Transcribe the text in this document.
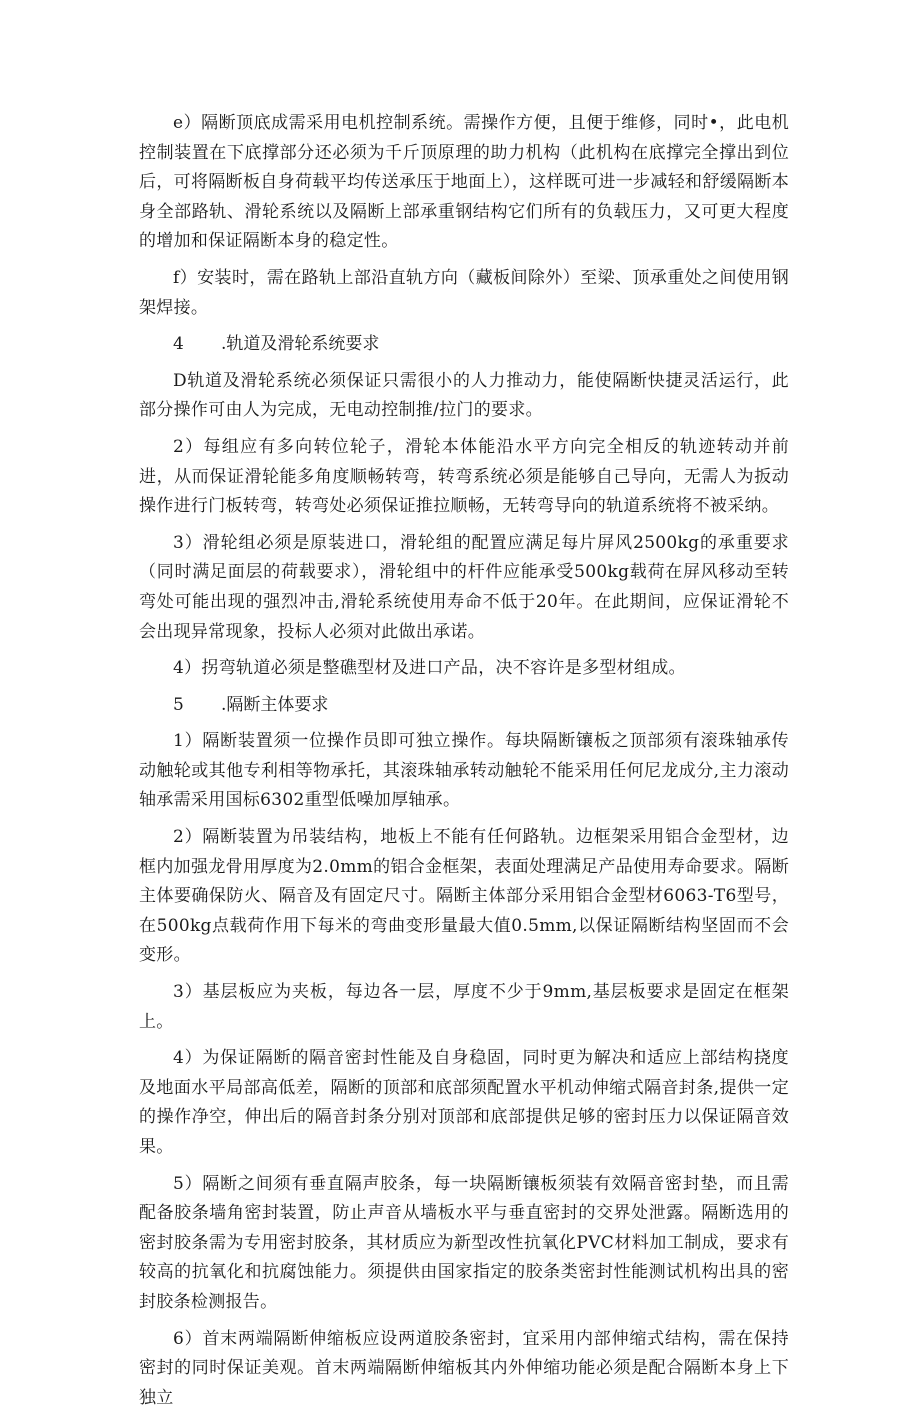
e）隔断顶底成需采用电机控制系统。需操作方便，且便于维修，同时•，此电机控制装置在下底撑部分还必须为千斤顶原理的助力机构（此机构在底撑完全撑出到位后，可将隔断板自身荷载平均传送承压于地面上），这样既可进一步减轻和舒缓隔断本身全部路轨、滑轮系统以及隔断上部承重钢结构它们所有的负载压力，又可更大程度的增加和保证隔断本身的稳定性。

f）安装时，需在路轨上部沿直轨方向（藏板间除外）至梁、顶承重处之间使用钢架焊接。

4 .轨道及滑轮系统要求

D轨道及滑轮系统必须保证只需很小的人力推动力，能使隔断快捷灵活运行，此部分操作可由人为完成，无电动控制推/拉门的要求。

2）每组应有多向转位轮子，滑轮本体能沿水平方向完全相反的轨迹转动并前进，从而保证滑轮能多角度顺畅转弯，转弯系统必须是能够自己导向，无需人为扳动操作进行门板转弯，转弯处必须保证推拉顺畅，无转弯导向的轨道系统将不被采纳。

3）滑轮组必须是原装进口，滑轮组的配置应满足每片屏风2500kg的承重要求（同时满足面层的荷载要求），滑轮组中的杆件应能承受500kg载荷在屏风移动至转弯处可能出现的强烈冲击,滑轮系统使用寿命不低于20年。在此期间，应保证滑轮不会出现异常现象，投标人必须对此做出承诺。

4）拐弯轨道必须是整礁型材及进口产品，决不容许是多型材组成。

5 .隔断主体要求

1）隔断装置须一位操作员即可独立操作。每块隔断镶板之顶部须有滚珠轴承传动触轮或其他专利相等物承托，其滚珠轴承转动触轮不能采用任何尼龙成分,主力滚动轴承需采用国标6302重型低噪加厚轴承。

2）隔断装置为吊装结构，地板上不能有任何路轨。边框架采用铝合金型材，边框内加强龙骨用厚度为2.0mm的铝合金框架，表面处理满足产品使用寿命要求。隔断主体要确保防火、隔音及有固定尺寸。隔断主体部分采用铝合金型材6063-T6型号，在500kg点载荷作用下每米的弯曲变形量最大值0.5mm,以保证隔断结构坚固而不会变形。

3）基层板应为夹板，每边各一层，厚度不少于9mm,基层板要求是固定在框架上。

4）为保证隔断的隔音密封性能及自身稳固，同时更为解决和适应上部结构挠度及地面水平局部高低差，隔断的顶部和底部须配置水平机动伸缩式隔音封条,提供一定的操作净空，伸出后的隔音封条分别对顶部和底部提供足够的密封压力以保证隔音效果。

5）隔断之间须有垂直隔声胶条，每一块隔断镶板须装有效隔音密封垫，而且需配备胶条墙角密封装置，防止声音从墙板水平与垂直密封的交界处泄露。隔断选用的密封胶条需为专用密封胶条，其材质应为新型改性抗氧化PVC材料加工制成，要求有较高的抗氧化和抗腐蚀能力。须提供由国家指定的胶条类密封性能测试机构出具的密封胶条检测报告。

6）首末两端隔断伸缩板应设两道胶条密封，宜采用内部伸缩式结构，需在保持密封的同时保证美观。首末两端隔断伸缩板其内外伸缩功能必须是配合隔断本身上下独立
